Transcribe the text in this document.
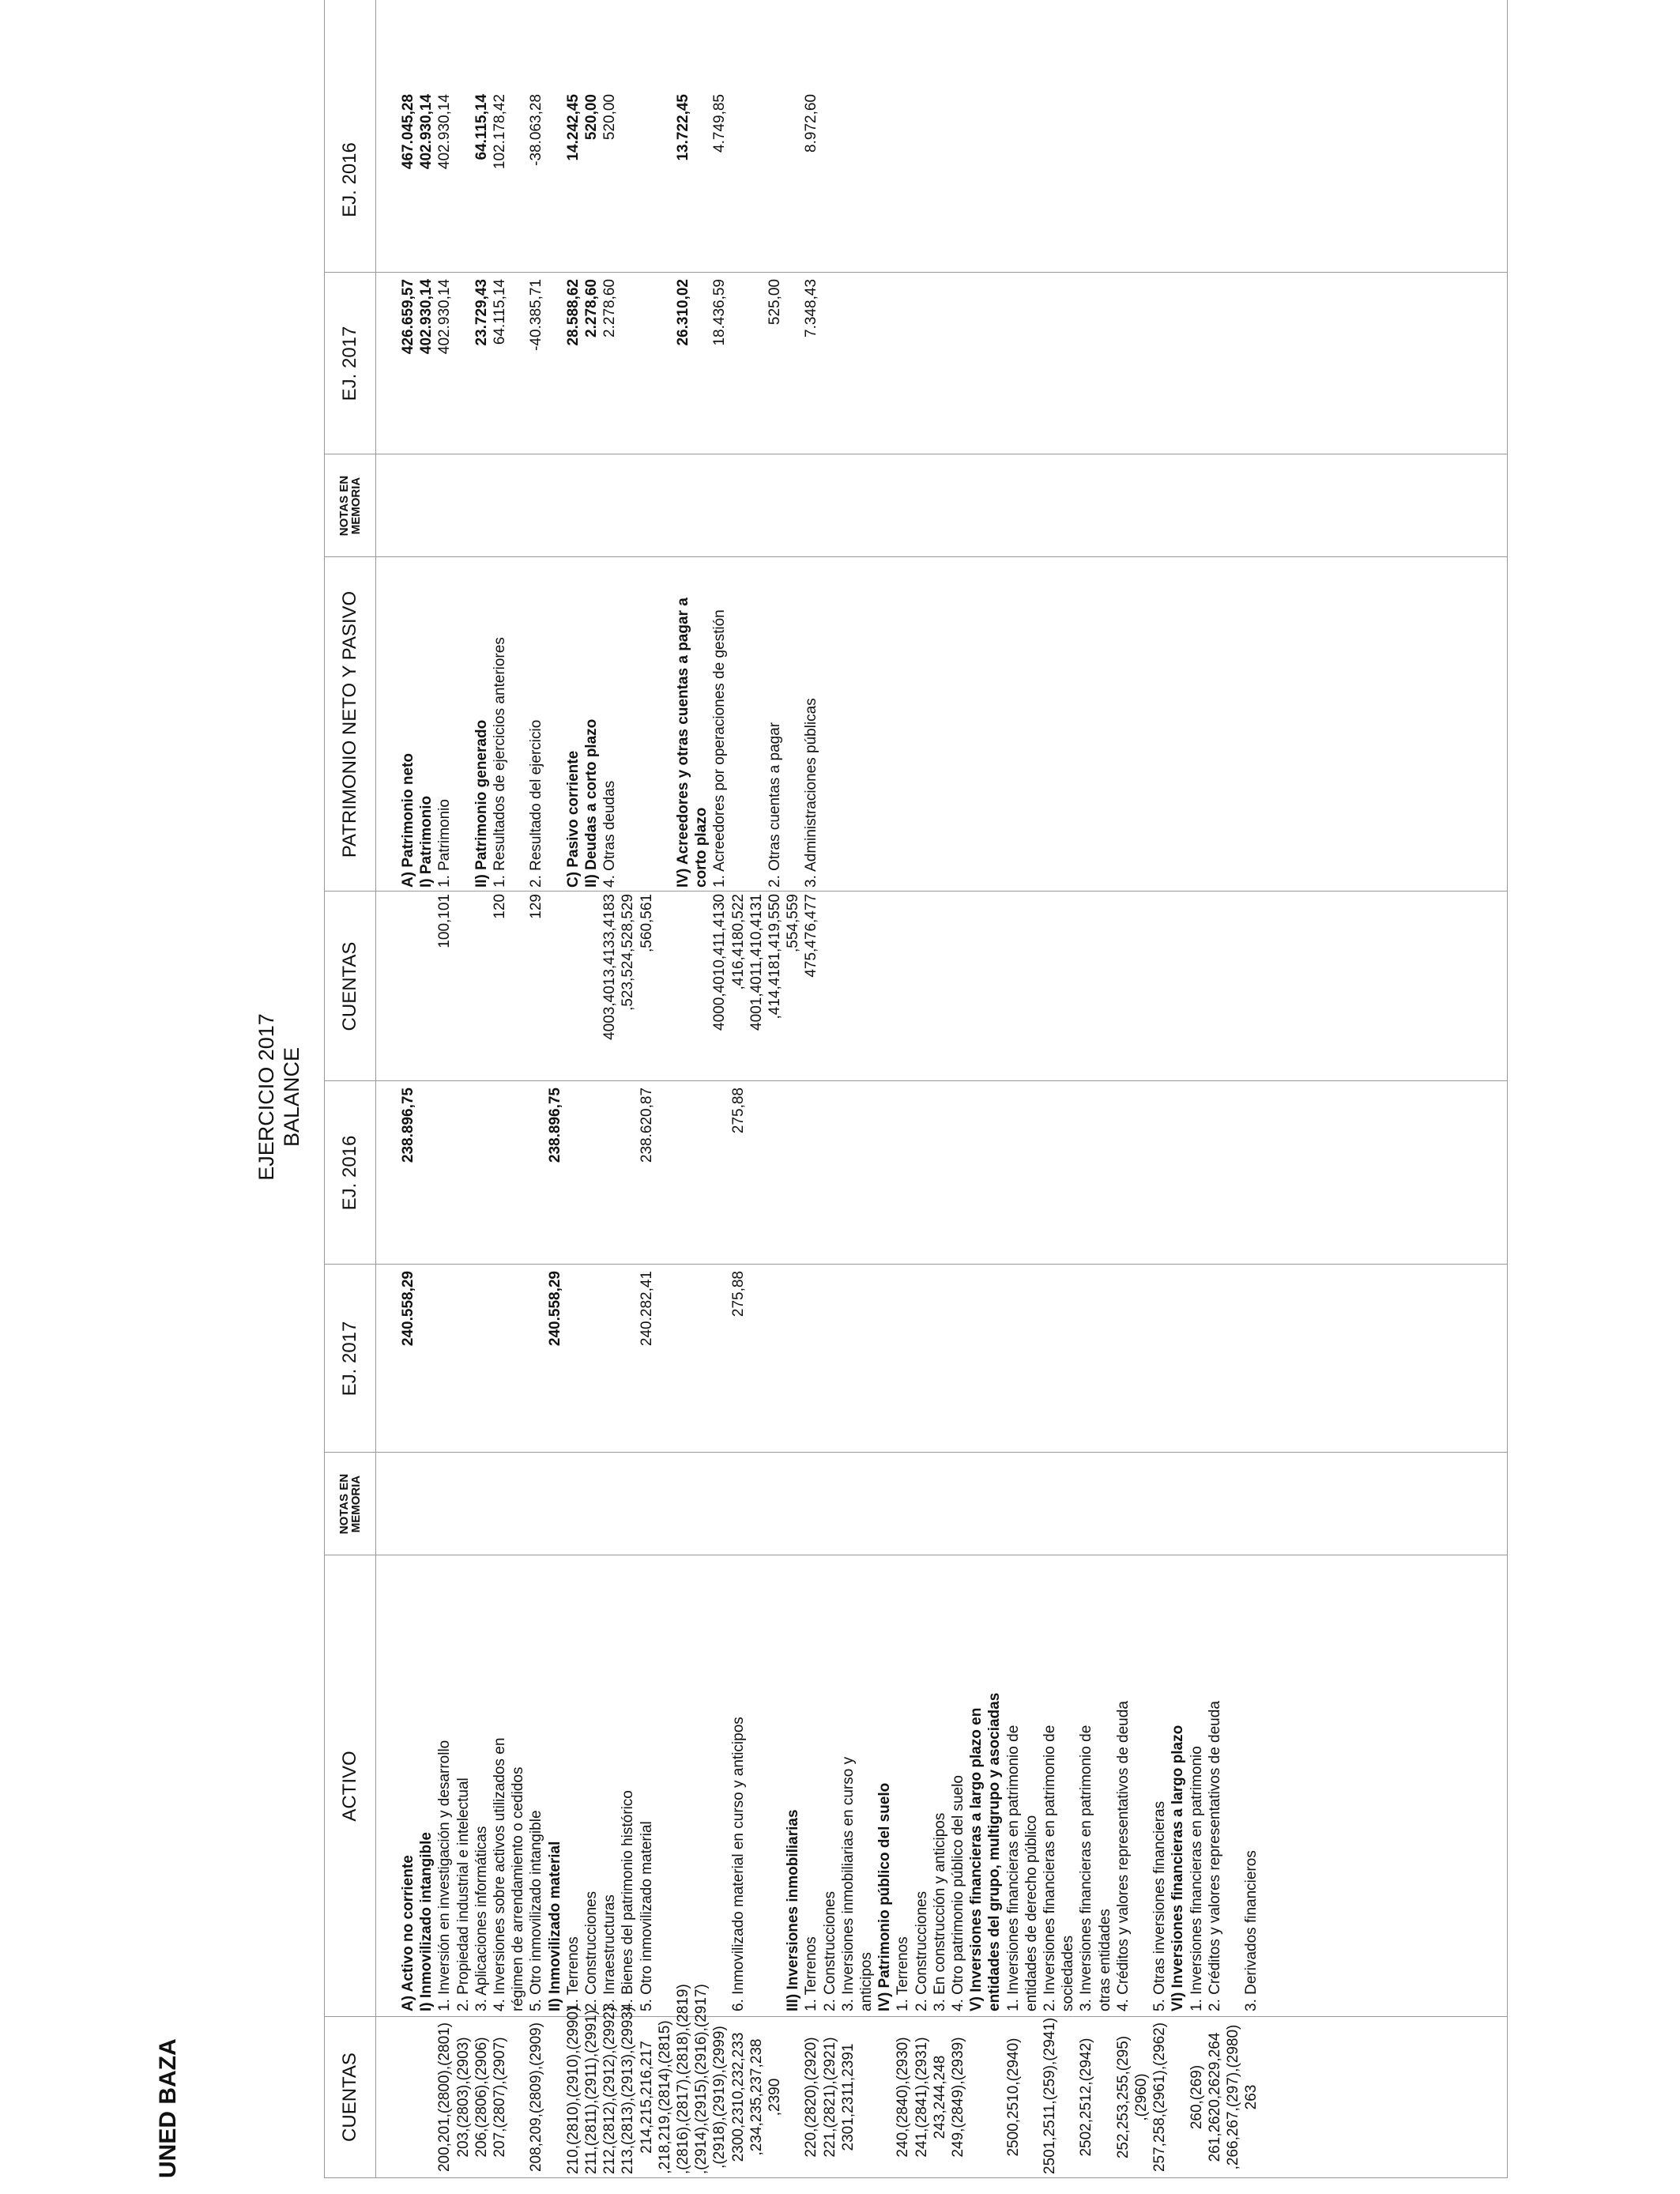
UNED BAZA
EJERCICIO 2017 BALANCE
CUENTAS
ACTIVO
NOTAS EN
MEMORIA
EJ. 2017
EJ. 2016
CUENTAS
PATRIMONIO NETO Y PASIVO
NOTAS EN
MEMORIA
EJ. 2017
EJ. 2016
A) Activo no corriente
240.558,29
238.896,75
I) Inmovilizado intangible
200,201,(2800),(2801)
1. Inversión en investigación y desarrollo
203,(2803),(2903)
2. Propiedad industrial e intelectual
206,(2806),(2906)
3. Aplicaciones informáticas
207,(2807),(2907)
4. Inversiones sobre activos utilizados en régimen de arrendamiento o cedidos
208,209,(2809),(2909)
5. Otro inmovilizado intangible II) Inmovilizado material
240.558,29
238.896,75
210,(2810),(2910),(2990)
1. Terrenos
211,(2811),(2911),(2991)
2. Construcciones
212,(2812),(2912),(2992)
3. Inraestructuras
213,(2813),(2913),(2993)
4. Bienes del patrimonio histórico
214,215,216,217
5. Otro inmovilizado material
240.282,41
238.620,87
,218,219,(2814),(2815) ,(2816),(2817),(2818),(2819) ,(2914),(2915),(2916),(2917) ,(2918),(2919),(2999) 2300,2310,232,233
6. Inmovilizado material en curso y anticipos
275,88
275,88
,234,235,237,238 ,2390
III) Inversiones inmobiliarias
220,(2820),(2920)
1. Terrenos
221,(2821),(2921)
2. Construcciones
2301,2311,2391
3. Inversiones inmobiliarias en curso y anticipos IV) Patrimonio público del suelo
240,(2840),(2930)
1. Terrenos
241,(2841),(2931)
2. Construcciones
243,244,248
3. En construcción y anticipos
249,(2849),(2939)
4. Otro patrimonio público del suelo V) Inversiones financieras a largo plazo en entidades del grupo, multigrupo y asociadas
2500,2510,(2940)
1. Inversiones financieras en patrimonio de entidades de derecho público
2501,2511,(259),(2941)
2. Inversiones financieras en patrimonio de sociedades
2502,2512,(2942)
3. Inversiones financieras en patrimonio de otras entidades
252,253,255,(295)
4. Créditos y valores representativos de deuda
,(2960) 257,258,(2961),(2962)
5. Otras inversiones financieras VI) Inversiones financieras a largo plazo
260,(269)
1. Inversiones financieras en patrimonio
261,2620,2629,264
2. Créditos y valores representativos de deuda
,266,267,(297),(2980) 263
3. Derivados financieros
A) Patrimonio neto
426.659,57
467.045,28
I) Patrimonio
402.930,14
402.930,14
100,101
1. Patrimonio
402.930,14
402.930,14
II) Patrimonio generado
23.729,43
64.115,14
120
1. Resultados de ejercicios anteriores
64.115,14
102.178,42
129
2. Resultado del ejercicio
-40.385,71
-38.063,28
C) Pasivo corriente
28.588,62
14.242,45
II) Deudas a corto plazo
2.278,60
520,00
4003,4013,4133,4183
4. Otras deudas
2.278,60
520,00
,523,524,528,529 ,560,561
IV) Acreedores y otras cuentas a pagar a
26.310,02
13.722,45
corto plazo
4000,4010,411,4130
1. Acreedores por operaciones de gestión
18.436,59
4.749,85
,416,4180,522 4001,4011,410,4131 ,414,4181,419,550
2. Otras cuentas a pagar
525,00
,554,559 475,476,477
3. Administraciones públicas
7.348,43
8.972,60
